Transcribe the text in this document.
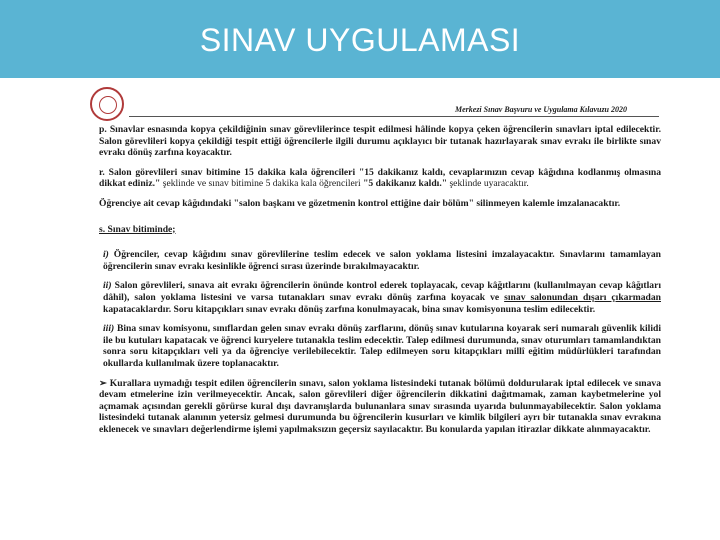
SINAV UYGULAMASI
Merkezi Sınav Başvuru ve Uygulama Kılavuzu 2020

p. Sınavlar esnasında kopya çekildiğinin sınav görevlilerince tespit edilmesi hâlinde kopya çeken öğrencilerin sınavları iptal edilecektir. Salon görevlileri kopya çekildiği tespit ettiği öğrencilerle ilgili durumu açıklayıcı bir tutanak hazırlayarak sınav evrakı ile birlikte sınav evrakı dönüş zarfına koyacaktır.

r. Salon görevlileri sınav bitimine 15 dakika kala öğrencileri "15 dakikanız kaldı, cevaplarınızın cevap kâğıdına kodlanmış olmasına dikkat ediniz." şeklinde ve sınav bitimine 5 dakika kala öğrencileri "5 dakikanız kaldı." şeklinde uyaracaktır.

Öğrenciye ait cevap kâğıdındaki "salon başkanı ve gözetmenin kontrol ettiğine dair bölüm" silinmeyen kalemle imzalanacaktır.

s. Sınav bitiminde;

i) Öğrenciler, cevap kâğıdını sınav görevlilerine teslim edecek ve salon yoklama listesini imzalayacaktır. Sınavlarını tamamlayan öğrencilerin sınav evrakı kesinlikle öğrenci sırası üzerinde bırakılmayacaktır.

ii) Salon görevlileri, sınava ait evrakı öğrencilerin önünde kontrol ederek toplayacak, cevap kâğıtlarını (kullanılmayan cevap kâğıtları dâhil), salon yoklama listesini ve varsa tutanakları sınav evrakı dönüş zarfına koyacak ve sınav salonundan dışarı çıkarmadan kapatacaklardır. Soru kitapçıkları sınav evrakı dönüş zarfına konulmayacak, bina sınav komisyonuna teslim edilecektir.

iii) Bina sınav komisyonu, sınıflardan gelen sınav evrakı dönüş zarflarını, dönüş sınav kutularına koyarak seri numaralı güvenlik kilidi ile bu kutuları kapatacak ve öğrenci kuryelere tutanakla teslim edecektir. Talep edilmesi durumunda, sınav oturumları tamamlandıktan sonra soru kitapçıkları veli ya da öğrenciye verilebilecektir. Talep edilmeyen soru kitapçıkları millî eğitim müdürlükleri tarafından okullarda kullanılmak üzere toplanacaktır.

➢ Kurallara uymadığı tespit edilen öğrencilerin sınavı, salon yoklama listesindeki tutanak bölümü doldurularak iptal edilecek ve sınava devam etmelerine izin verilmeyecektir. Ancak, salon görevlileri diğer öğrencilerin dikkatini dağıtmamak, zaman kaybetmelerine yol açmamak açısından gerekli görürse kural dışı davranışlarda bulunanlara sınav sırasında uyarıda bulunmayabilecektir. Salon yoklama listesindeki tutanak alanının yetersiz gelmesi durumunda bu öğrencilerin kusurları ve kimlik bilgileri ayrı bir tutanakla sınav evrakına eklenecek ve sınavları değerlendirme işlemi yapılmaksızın geçersiz sayılacaktır. Bu konularda yapılan itirazlar dikkate alınmayacaktır.
